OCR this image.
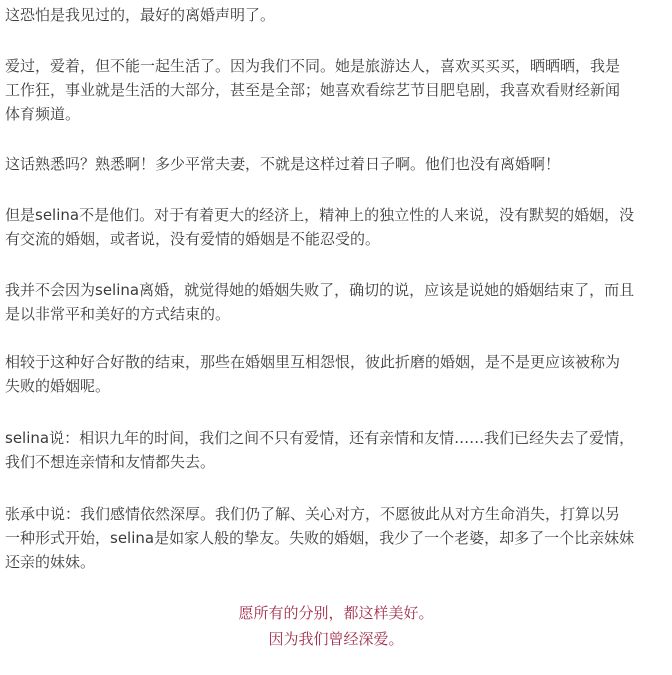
这恐怕是我见过的，最好的离婚声明了。

爱过，爱着，但不能一起生活了。因为我们不同。她是旅游达人，喜欢买买买，晒晒晒，我是
工作狂，事业就是生活的大部分，甚至是全部；她喜欢看综艺节目肥皂剧，我喜欢看财经新闻
体育频道。

这话熟悉吗？熟悉啊！多少平常夫妻，不就是这样过着日子啊。他们也没有离婚啊！

但是selina不是他们。对于有着更大的经济上，精神上的独立性的人来说，没有默契的婚姻，没
有交流的婚姻，或者说，没有爱情的婚姻是不能忍受的。

我并不会因为selina离婚，就觉得她的婚姻失败了，确切的说，应该是说她的婚姻结束了，而且
是以非常平和美好的方式结束的。

相较于这种好合好散的结束，那些在婚姻里互相怨恨，彼此折磨的婚姻，是不是更应该被称为
失败的婚姻呢。

selina说：相识九年的时间，我们之间不只有爱情，还有亲情和友情……我们已经失去了爱情，
我们不想连亲情和友情都失去。

张承中说：我们感情依然深厚。我们仍了解、关心对方，不愿彼此从对方生命消失，打算以另
一种形式开始，selina是如家人般的挚友。失败的婚姻，我少了一个老婆，却多了一个比亲妹妹
还亲的妹妹。

愿所有的分别，都这样美好。
因为我们曾经深爱。
